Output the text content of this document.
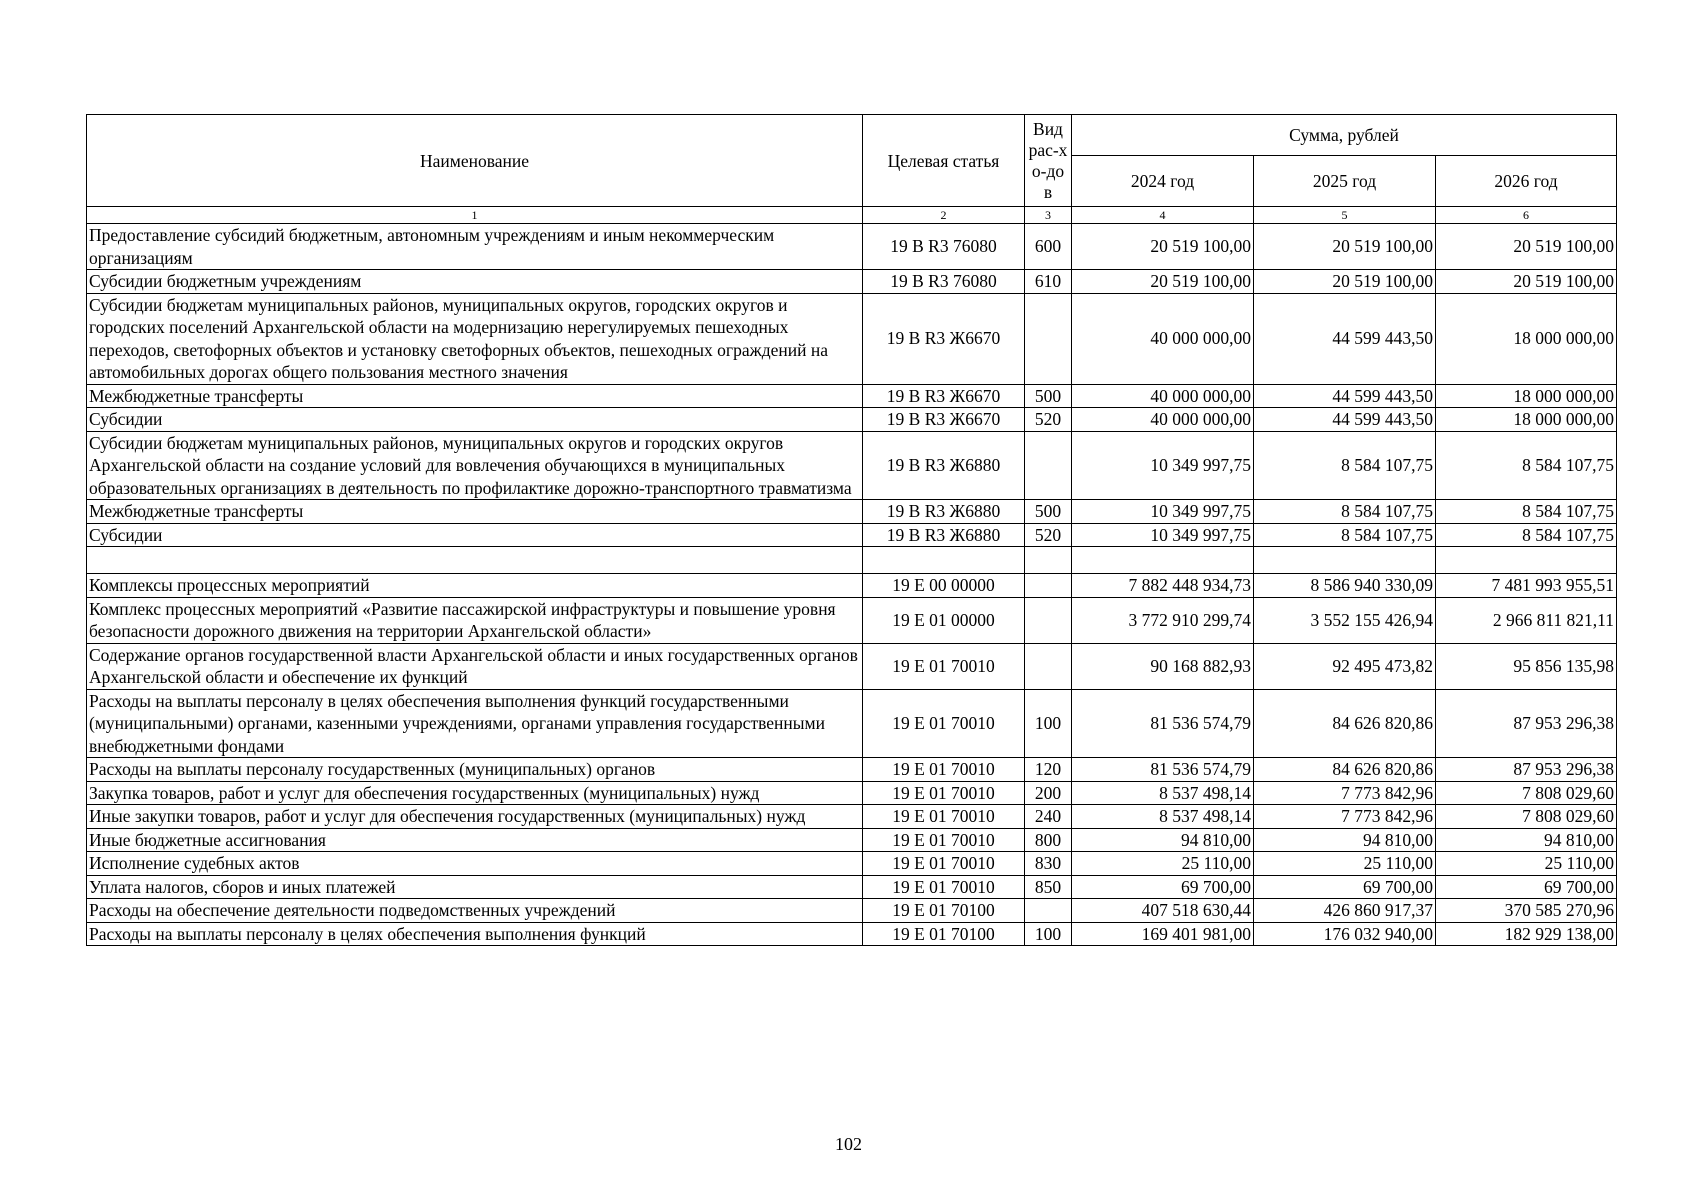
Наименование	Целевая статья	Вид рас-хо-дов	Сумма, рублей		
			2024 год	2025 год	2026 год
1	2	3	4	5	6
Предоставление субсидий бюджетным, автономным учреждениям и иным некоммерческим организациям	19 В R3 76080	600	20 519 100,00	20 519 100,00	20 519 100,00
Субсидии бюджетным учреждениям	19 В R3 76080	610	20 519 100,00	20 519 100,00	20 519 100,00
Субсидии бюджетам муниципальных районов, муниципальных округов, городских округов и городских поселений Архангельской области на модернизацию нерегулируемых пешеходных переходов, светофорных объектов и установку светофорных объектов, пешеходных ограждений на автомобильных дорогах общего пользования местного значения	19 В R3 Ж6670		40 000 000,00	44 599 443,50	18 000 000,00
Межбюджетные трансферты	19 В R3 Ж6670	500	40 000 000,00	44 599 443,50	18 000 000,00
Субсидии	19 В R3 Ж6670	520	40 000 000,00	44 599 443,50	18 000 000,00
Субсидии бюджетам муниципальных районов, муниципальных округов и городских округов Архангельской области на создание условий для вовлечения обучающихся в муниципальных образовательных организациях в деятельность по профилактике дорожно-транспортного травматизма	19 В R3 Ж6880		10 349 997,75	8 584 107,75	8 584 107,75
Межбюджетные трансферты	19 В R3 Ж6880	500	10 349 997,75	8 584 107,75	8 584 107,75
Субсидии	19 В R3 Ж6880	520	10 349 997,75	8 584 107,75	8 584 107,75

Комплексы процессных мероприятий	19 Е 00 00000		7 882 448 934,73	8 586 940 330,09	7 481 993 955,51
Комплекс процессных мероприятий «Развитие пассажирской инфраструктуры и повышение уровня безопасности дорожного движения на территории Архангельской области»	19 Е 01 00000		3 772 910 299,74	3 552 155 426,94	2 966 811 821,11
Содержание органов государственной власти Архангельской области и иных государственных органов Архангельской области и обеспечение их функций	19 Е 01 70010		90 168 882,93	92 495 473,82	95 856 135,98
Расходы на выплаты персоналу в целях обеспечения выполнения функций государственными (муниципальными) органами, казенными учреждениями, органами управления государственными внебюджетными фондами	19 Е 01 70010	100	81 536 574,79	84 626 820,86	87 953 296,38
Расходы на выплаты персоналу государственных (муниципальных) органов	19 Е 01 70010	120	81 536 574,79	84 626 820,86	87 953 296,38
Закупка товаров, работ и услуг для обеспечения государственных (муниципальных) нужд	19 Е 01 70010	200	8 537 498,14	7 773 842,96	7 808 029,60
Иные закупки товаров, работ и услуг для обеспечения государственных (муниципальных) нужд	19 Е 01 70010	240	8 537 498,14	7 773 842,96	7 808 029,60
Иные бюджетные ассигнования	19 Е 01 70010	800	94 810,00	94 810,00	94 810,00
Исполнение судебных актов	19 Е 01 70010	830	25 110,00	25 110,00	25 110,00
Уплата налогов, сборов и иных платежей	19 Е 01 70010	850	69 700,00	69 700,00	69 700,00
Расходы на обеспечение деятельности подведомственных учреждений	19 Е 01 70100		407 518 630,44	426 860 917,37	370 585 270,96
Расходы на выплаты персоналу в целях обеспечения выполнения функций	19 Е 01 70100	100	169 401 981,00	176 032 940,00	182 929 138,00
102
